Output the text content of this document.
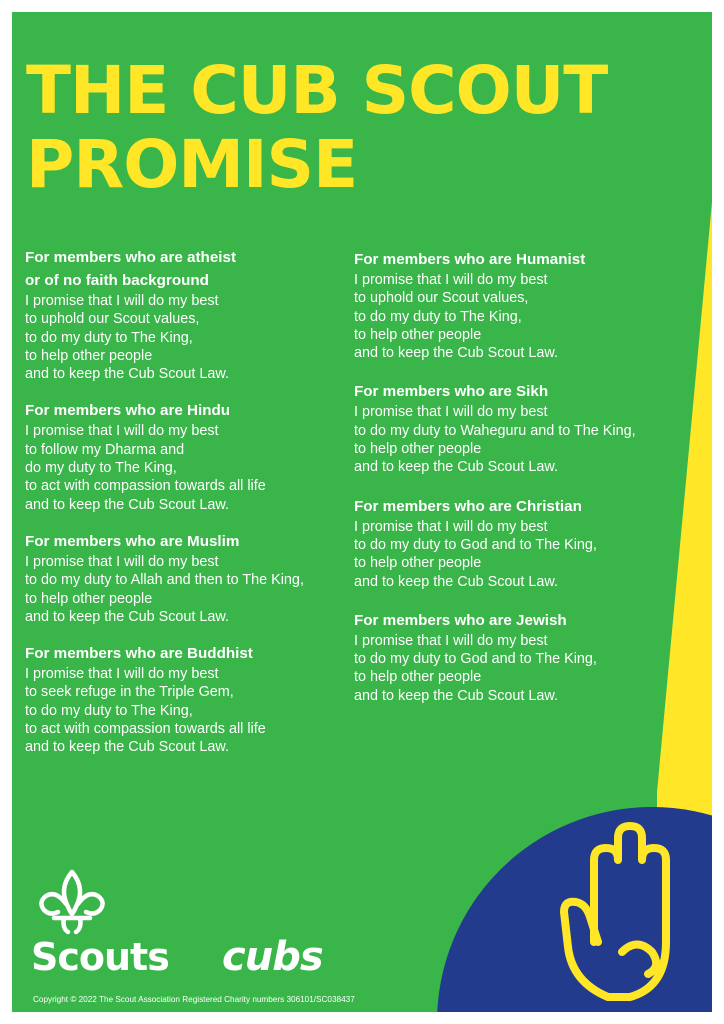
THE CUB SCOUT
PROMISE
For members who are atheist
or of no faith background
I promise that I will do my best
to uphold our Scout values,
to do my duty to The King,
to help other people
and to keep the Cub Scout Law.
For members who are Hindu
I promise that I will do my best
to follow my Dharma and
do my duty to The King,
to act with compassion towards all life
and to keep the Cub Scout Law.
For members who are Muslim
I promise that I will do my best
to do my duty to Allah and then to The King,
to help other people
and to keep the Cub Scout Law.
For members who are Buddhist
I promise that I will do my best
to seek refuge in the Triple Gem,
to do my duty to The King,
to act with compassion towards all life
and to keep the Cub Scout Law.
For members who are Humanist
I promise that I will do my best
to uphold our Scout values,
to do my duty to The King,
to help other people
and to keep the Cub Scout Law.
For members who are Sikh
I promise that I will do my best
to do my duty to Waheguru and to The King,
to help other people
and to keep the Cub Scout Law.
For members who are Christian
I promise that I will do my best
to do my duty to God and to The King,
to help other people
and to keep the Cub Scout Law.
For members who are Jewish
I promise that I will do my best
to do my duty to God and to The King,
to help other people
and to keep the Cub Scout Law.
Scouts cubs
Copyright © 2022 The Scout Association Registered Charity numbers 306101/SC038437
